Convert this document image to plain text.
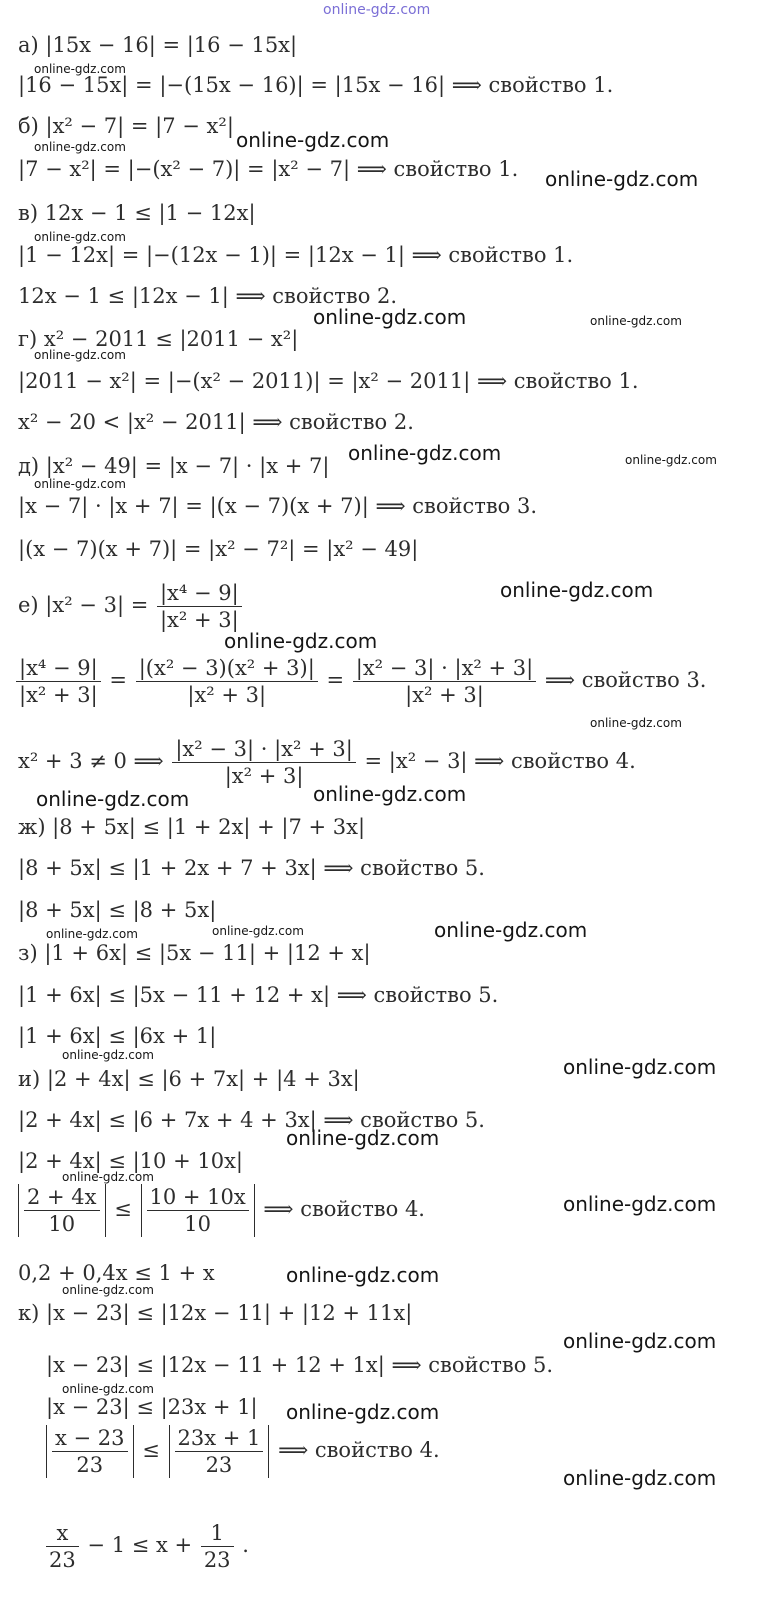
online-gdz.com
а) |15x − 16| = |16 − 15x|
|16 − 15x| = |−(15x − 16)| = |15x − 16| ⟹ свойство 1.
б) |x² − 7| = |7 − x²|
|7 − x²| = |−(x² − 7)| = |x² − 7| ⟹ свойство 1.
в) 12x − 1 ≤ |1 − 12x|
|1 − 12x| = |−(12x − 1)| = |12x − 1| ⟹ свойство 1.
12x − 1 ≤ |12x − 1| ⟹ свойство 2.
г) x² − 2011 ≤ |2011 − x²|
|2011 − x²| = |−(x² − 2011)| = |x² − 2011| ⟹ свойство 1.
x² − 20 < |x² − 2011| ⟹ свойство 2.
д) |x² − 49| = |x − 7| · |x + 7|
|x − 7| · |x + 7| = |(x − 7)(x + 7)| ⟹ свойство 3.
|(x − 7)(x + 7)| = |x² − 7²| = |x² − 49|
е) $|x^2 - 3| = \frac{\text{|x⁴ − 9|}}{\text{|x² + 3|}}$
$\frac{\text{|x⁴ − 9|}}{\text{|x² + 3|}} = \frac{\text{|(x² − 3)(x² + 3)|}}{\text{|x² + 3|}} = \frac{\text{|x² − 3| · |x² + 3|}}{\text{|x² + 3|}}$ ⟹ свойство 3.
x² + 3 ≠ 0 ⟹ $\frac{\text{|x² − 3| · |x² + 3|}}{\text{|x² + 3|}} = |x^2 - 3|$ ⟹ свойство 4.
ж) |8 + 5x| ≤ |1 + 2x| + |7 + 3x|
|8 + 5x| ≤ |1 + 2x + 7 + 3x| ⟹ свойство 5.
|8 + 5x| ≤ |8 + 5x|
з) |1 + 6x| ≤ |5x − 11| + |12 + x|
|1 + 6x| ≤ |5x − 11 + 12 + x| ⟹ свойство 5.
|1 + 6x| ≤ |6x + 1|
и) |2 + 4x| ≤ |6 + 7x| + |4 + 3x|
|2 + 4x| ≤ |6 + 7x + 4 + 3x| ⟹ свойство 5.
|2 + 4x| ≤ |10 + 10x|
$\frac{2 + 4x}{10} \le \frac{10 + 10x}{10}$ ⟹ свойство 4.
0,2 + 0,4x ≤ 1 + x
к) |x − 23| ≤ |12x − 11| + |12 + 11x|
|x − 23| ≤ |12x − 11 + 12 + 1x| ⟹ свойство 5.
|x − 23| ≤ |23x + 1|
$\frac{x - 23}{23} \le \frac{23x + 1}{23}$ ⟹ свойство 4.
$\frac{x}{23} - 1 \le x + \frac{1}{23}$ .
online-gdz.com
online-gdz.com
online-gdz.com
online-gdz.com
online-gdz.com
online-gdz.com
online-gdz.com	online-gdz.com
online-gdz.com
online-gdz.com
online-gdz.com
online-gdz.com
online-gdz.com
online-gdz.com
online-gdz.com
online-gdz.com
online-gdz.com
online-gdz.com
online-gdz.com
online-gdz.com
online-gdz.com
online-gdz.com
online-gdz.com
online-gdz.com
online-gdz.com	online-gdz.com
online-gdz.com
online-gdz.com
online-gdz.com
online-gdz.com
